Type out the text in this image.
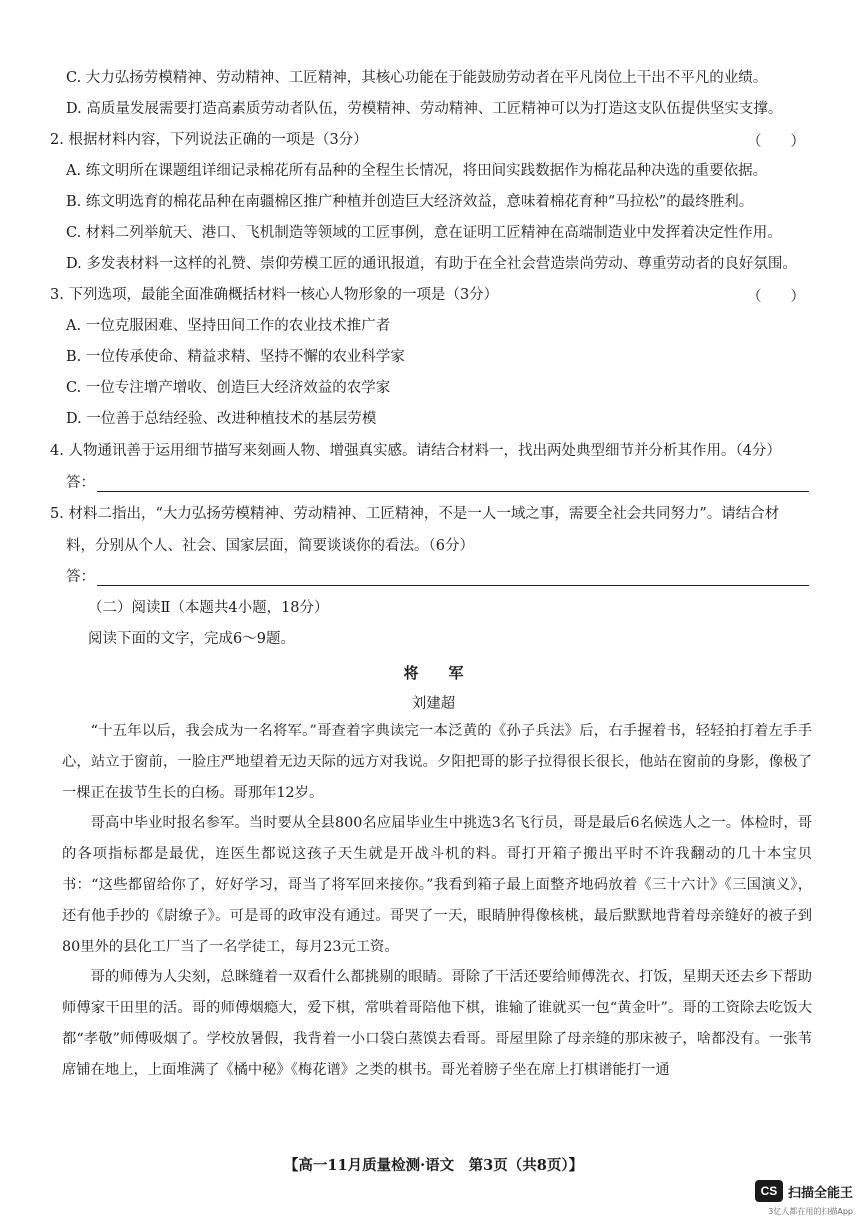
C. 大力弘扬劳模精神、劳动精神、工匠精神，其核心功能在于能鼓励劳动者在平凡岗位上干出不平凡的业绩。
D. 高质量发展需要打造高素质劳动者队伍，劳模精神、劳动精神、工匠精神可以为打造这支队伍提供坚实支撑。
2. 根据材料内容，下列说法正确的一项是（3分）	（　　）
A. 练文明所在课题组详细记录棉花所有品种的全程生长情况，将田间实践数据作为棉花品种决选的重要依据。
B. 练文明选育的棉花品种在南疆棉区推广种植并创造巨大经济效益，意味着棉花育种“马拉松”的最终胜利。
C. 材料二列举航天、港口、飞机制造等领域的工匠事例，意在证明工匠精神在高端制造业中发挥着决定性作用。
D. 多发表材料一这样的礼赞、崇仰劳模工匠的通讯报道，有助于在全社会营造崇尚劳动、尊重劳动者的良好氛围。
3. 下列选项，最能全面准确概括材料一核心人物形象的一项是（3分）	（　　）
A. 一位克服困难、坚持田间工作的农业技术推广者
B. 一位传承使命、精益求精、坚持不懈的农业科学家
C. 一位专注增产增收、创造巨大经济效益的农学家
D. 一位善于总结经验、改进种植技术的基层劳模
4. 人物通讯善于运用细节描写来刻画人物、增强真实感。请结合材料一，找出两处典型细节并分析其作用。（4分）
答：
5. 材料二指出，“大力弘扬劳模精神、劳动精神、工匠精神，不是一人一域之事，需要全社会共同努力”。请结合材
料，分别从个人、社会、国家层面，简要谈谈你的看法。（6分）
答：
（二）阅读Ⅱ（本题共4小题，18分）
阅读下面的文字，完成6～9题。
将　　军
刘建超

“十五年以后，我会成为一名将军。”哥查着字典读完一本泛黄的《孙子兵法》后，右手握着书，轻轻拍打着左手手心，站立于窗前，一脸庄严地望着无边天际的远方对我说。夕阳把哥的影子拉得很长很长，他站在窗前的身影，像极了一棵正在拔节生长的白杨。哥那年12岁。

哥高中毕业时报名参军。当时要从全县800名应届毕业生中挑选3名飞行员，哥是最后6名候选人之一。体检时，哥的各项指标都是最优，连医生都说这孩子天生就是开战斗机的料。哥打开箱子搬出平时不许我翻动的几十本宝贝书：“这些都留给你了，好好学习，哥当了将军回来接你。”我看到箱子最上面整齐地码放着《三十六计》《三国演义》，还有他手抄的《尉缭子》。可是哥的政审没有通过。哥哭了一天，眼睛肿得像核桃，最后默默地背着母亲缝好的被子到80里外的县化工厂当了一名学徒工，每月23元工资。

哥的师傅为人尖刻，总眯缝着一双看什么都挑剔的眼睛。哥除了干活还要给师傅洗衣、打饭，星期天还去乡下帮助师傅家干田里的活。哥的师傅烟瘾大，爱下棋，常哄着哥陪他下棋，谁输了谁就买一包“黄金叶”。哥的工资除去吃饭大都“孝敬”师傅吸烟了。学校放暑假，我背着一小口袋白蒸馍去看哥。哥屋里除了母亲缝的那床被子，啥都没有。一张苇席铺在地上，上面堆满了《橘中秘》《梅花谱》之类的棋书。哥光着膀子坐在席上打棋谱能打一通

【高一11月质量检测·语文　第3页（共8页）】
CS 扫描全能王
3亿人都在用的扫描App
